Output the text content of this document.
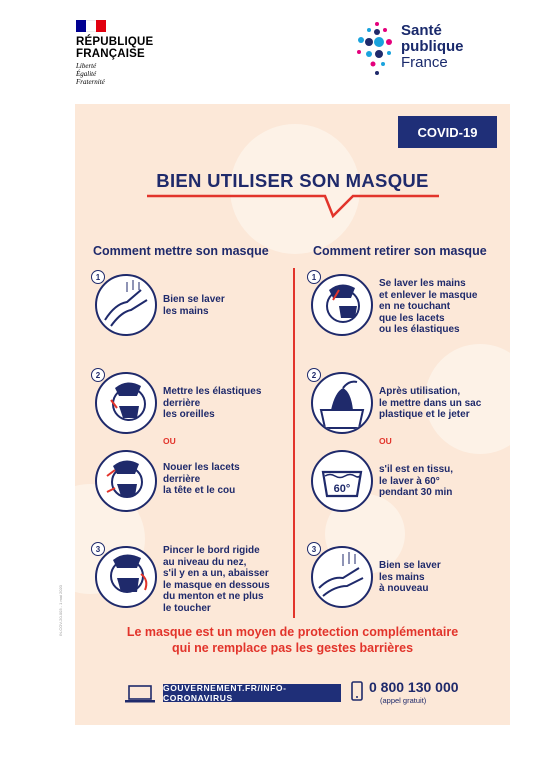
RÉPUBLIQUE
FRANÇAISE
Liberté
Égalité
Fraternité
Santé
publique
France
COVID-19
BIEN UTILISER SON MASQUE
Comment mettre son masque	Comment retirer son masque
1
Bien se laver
les mains
2
Mettre les élastiques
derrière
les oreilles
OU
Nouer les lacets
derrière
la tête et le cou
3	Pincer le bord rigide
au niveau du nez,
s'il y en a un, abaisser
le masque en dessous
du menton et ne plus
le toucher
1
Se laver les mains
et enlever le masque
en ne touchant
que les lacets
ou les élastiques
2
Après utilisation,
le mettre dans un sac
plastique et le jeter
OU
60°
s'il est en tissu,
le laver à 60°
pendant 30 min
3
Bien se laver
les mains
à nouveau
Le masque est un moyen de protection complémentaire
qui ne remplace pas les gestes barrières
GOUVERNEMENT.FR/INFO-CORONAVIRUS
0 800 130 000
(appel gratuit)
IN-COV-20-003 - 1 mai 2020
